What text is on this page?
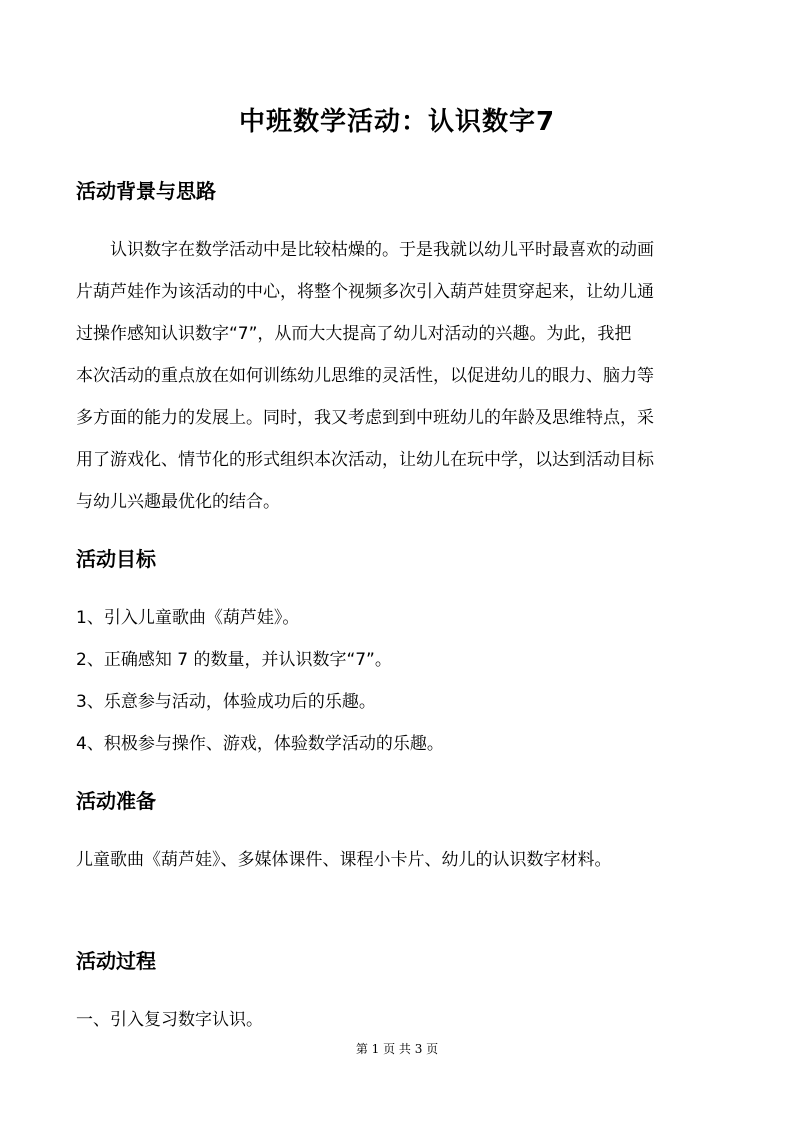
中班数学活动：认识数字7
活动背景与思路
认识数字在数学活动中是比较枯燥的。于是我就以幼儿平时最喜欢的动画
片葫芦娃作为该活动的中心，将整个视频多次引入葫芦娃贯穿起来，让幼儿通
过操作感知认识数字“7”，从而大大提高了幼儿对活动的兴趣。为此，我把
本次活动的重点放在如何训练幼儿思维的灵活性，以促进幼儿的眼力、脑力等
多方面的能力的发展上。同时，我又考虑到到中班幼儿的年龄及思维特点，采
用了游戏化、情节化的形式组织本次活动，让幼儿在玩中学，以达到活动目标
与幼儿兴趣最优化的结合。
活动目标
1、引入儿童歌曲《葫芦娃》。
2、正确感知 7 的数量，并认识数字“7”。
3、乐意参与活动，体验成功后的乐趣。
4、积极参与操作、游戏，体验数学活动的乐趣。
活动准备
儿童歌曲《葫芦娃》、多媒体课件、课程小卡片、幼儿的认识数字材料。
活动过程
一、引入复习数字认识。
第 1 页 共 3 页
